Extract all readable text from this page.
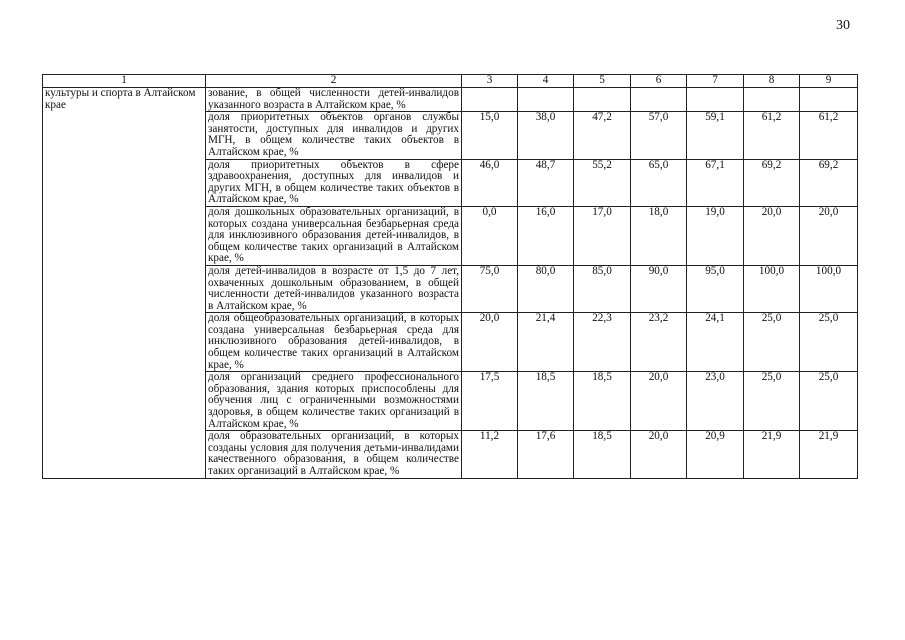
30
1	2	3	4	5	6	7	8	9
культуры и спорта в Алтайском крае	зование, в общей численности детей-инвалидов указанного возраста в Алтайском крае, %							
	доля приоритетных объектов органов службы занятости, доступных для инвалидов и других МГН, в общем количестве таких объектов в Алтайском крае, %	15,0	38,0	47,2	57,0	59,1	61,2	61,2
	доля приоритетных объектов в сфере здравоохранения, доступных для инвалидов и других МГН, в общем количестве таких объектов в Алтайском крае, %	46,0	48,7	55,2	65,0	67,1	69,2	69,2
	доля дошкольных образовательных организаций, в которых создана универсальная безбарьерная среда для инклюзивного образования детей-инвалидов, в общем количестве таких организаций в Алтайском крае, %	0,0	16,0	17,0	18,0	19,0	20,0	20,0
	доля детей-инвалидов в возрасте от 1,5 до 7 лет, охваченных дошкольным образованием, в общей численности детей-инвалидов указанного возраста в Алтайском крае, %	75,0	80,0	85,0	90,0	95,0	100,0	100,0
	доля общеобразовательных организаций, в которых создана универсальная безбарьерная среда для инклюзивного образования детей-инвалидов, в общем количестве таких организаций в Алтайском крае, %	20,0	21,4	22,3	23,2	24,1	25,0	25,0
	доля организаций среднего профессионального образования, здания которых приспособлены для обучения лиц с ограниченными возможностями здоровья, в общем количестве таких организаций в Алтайском крае, %	17,5	18,5	18,5	20,0	23,0	25,0	25,0
	доля образовательных организаций, в которых созданы условия для получения детьми-инвалидами качественного образования, в общем количестве таких организаций в Алтайском крае, %	11,2	17,6	18,5	20,0	20,9	21,9	21,9
